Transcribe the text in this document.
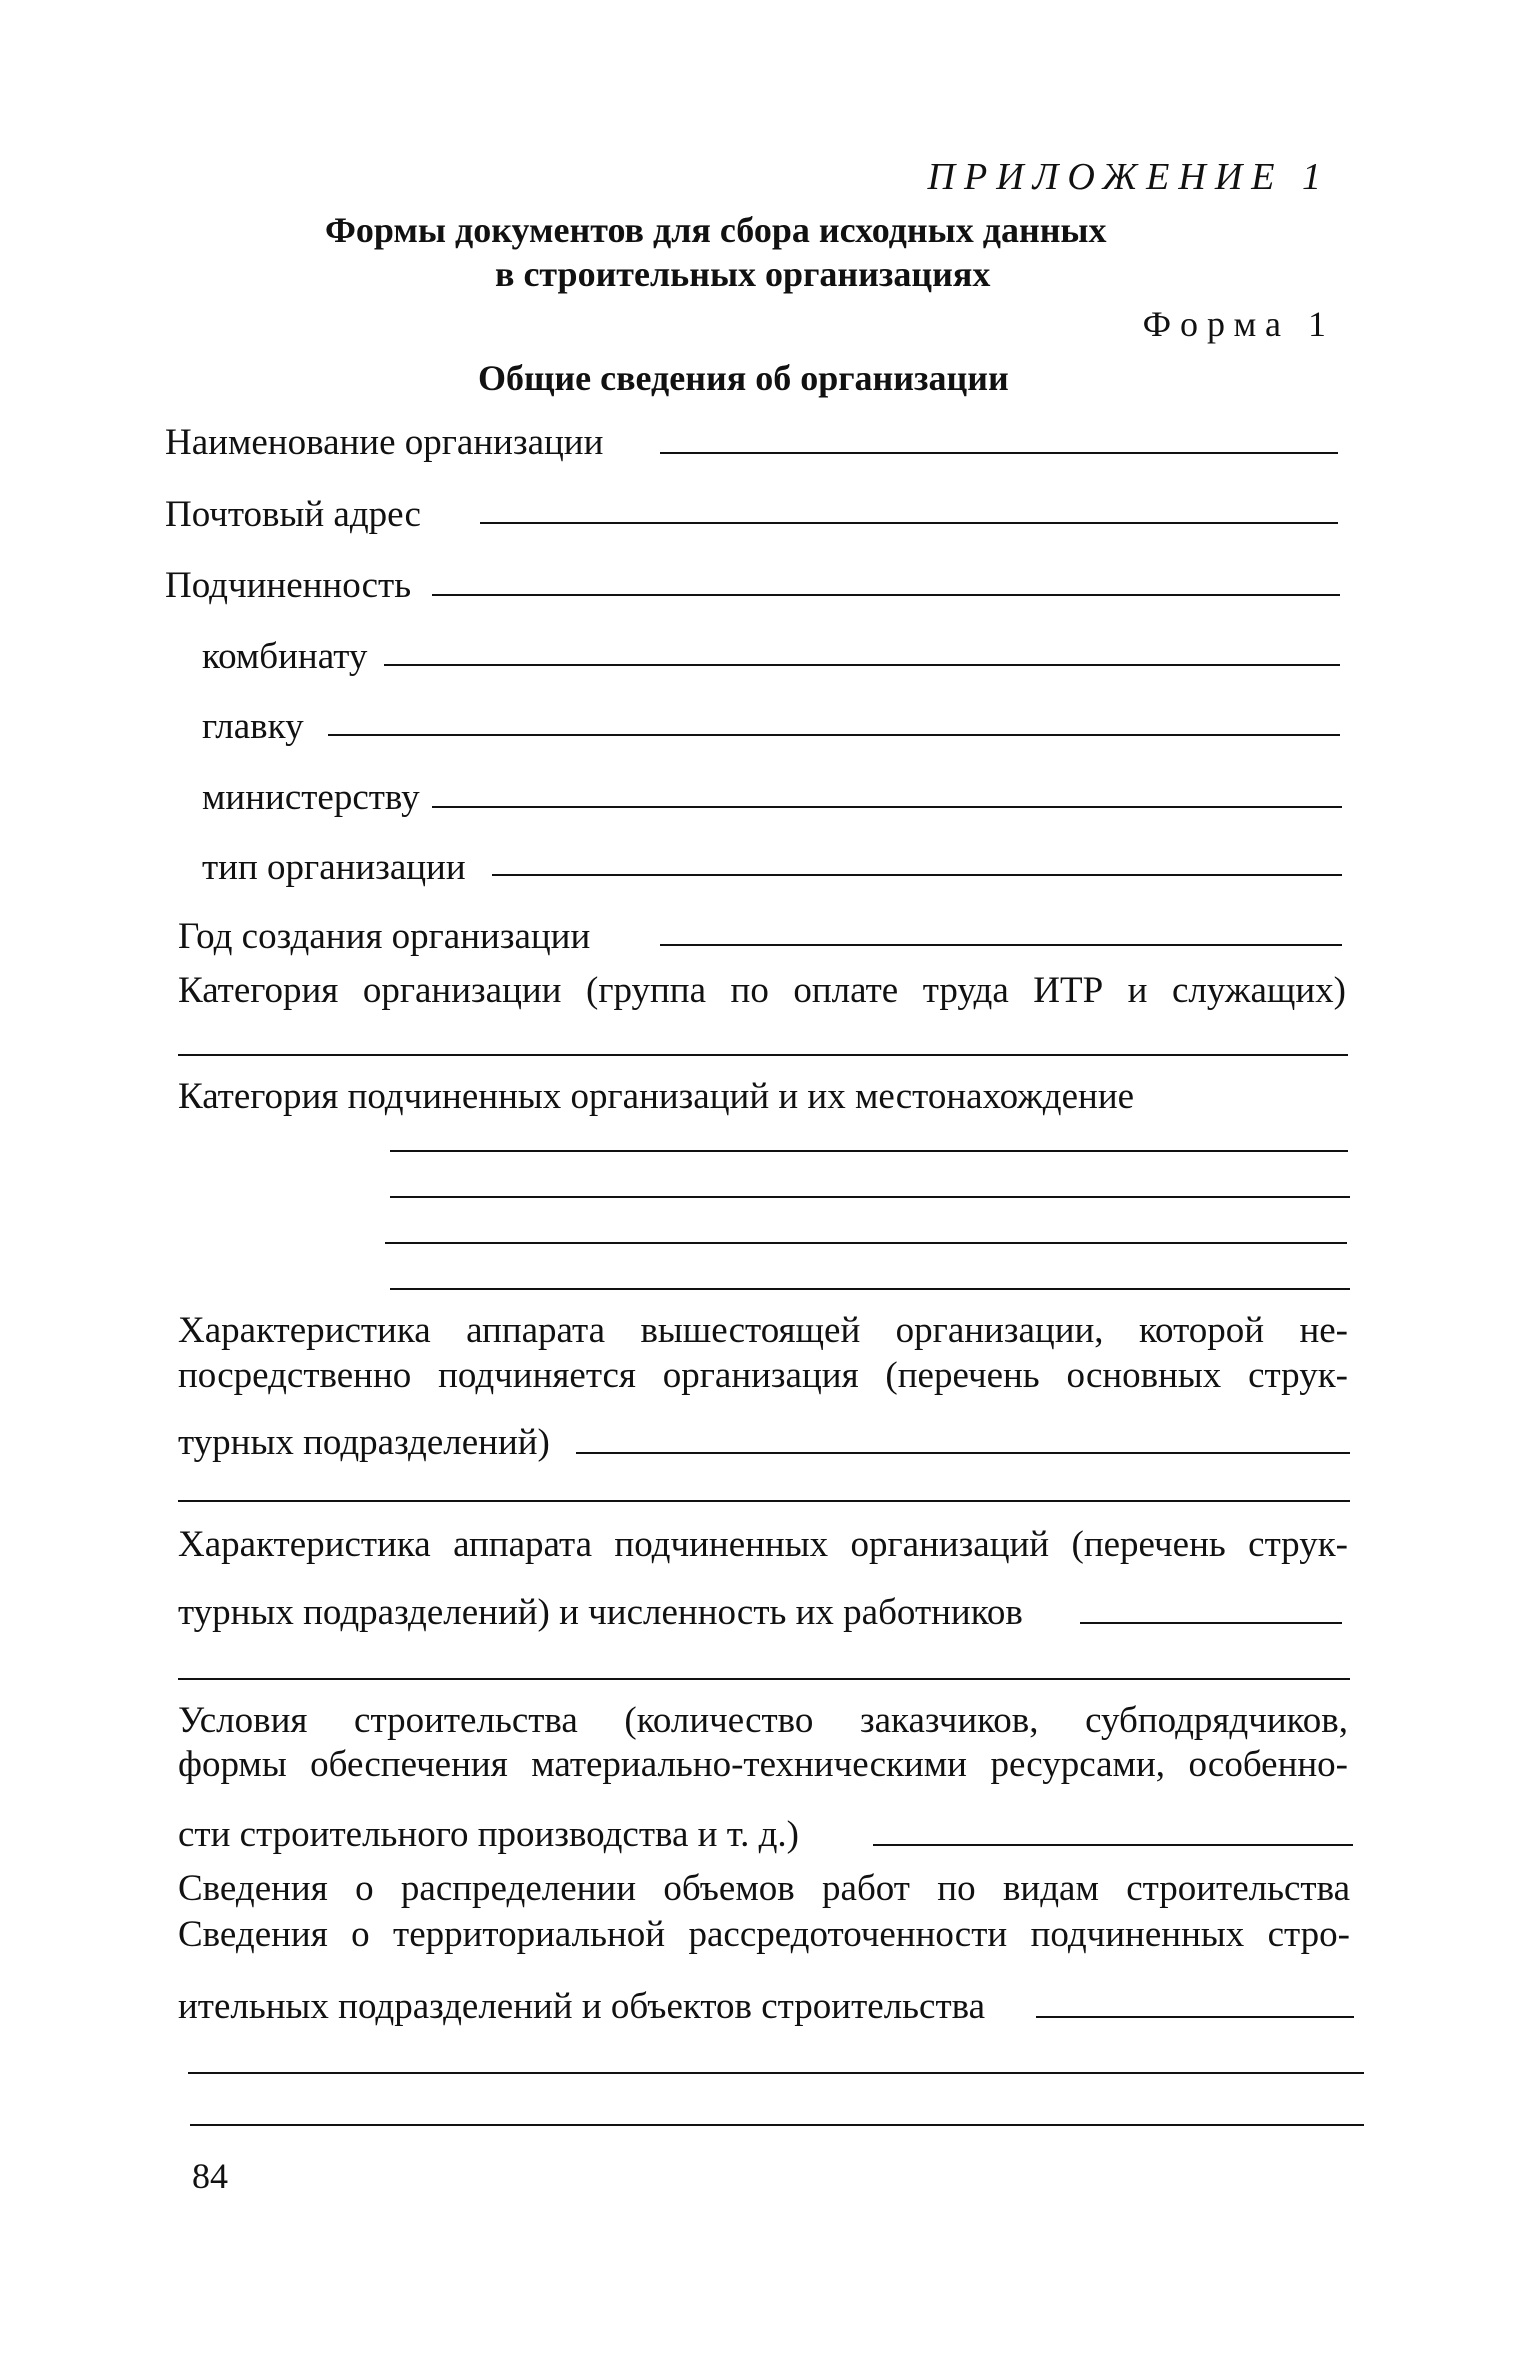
ПРИЛОЖЕНИЕ 1
Формы документов для сбора исходных данных
в строительных организациях
Форма 1
Общие сведения об организации
Наименование организации
Почтовый адрес
Подчиненность
комбинату
главку
министерству
тип организации
Год создания организации
Категория организации (группа по оплате труда ИТР и служащих)
Категория подчиненных организаций и их местонахождение
Характеристика аппарата вышестоящей организации, которой не-
посредственно подчиняется организация (перечень основных струк-
турных подразделений)
Характеристика аппарата подчиненных организаций (перечень струк-
турных подразделений) и численность их работников
Условия строительства (количество заказчиков, субподрядчиков,
формы обеспечения материально-техническими ресурсами, особенно-
сти строительного производства и т. д.)
Сведения о распределении объемов работ по видам строительства
Сведения о территориальной рассредоточенности подчиненных стро-
ительных подразделений и объектов строительства
84
